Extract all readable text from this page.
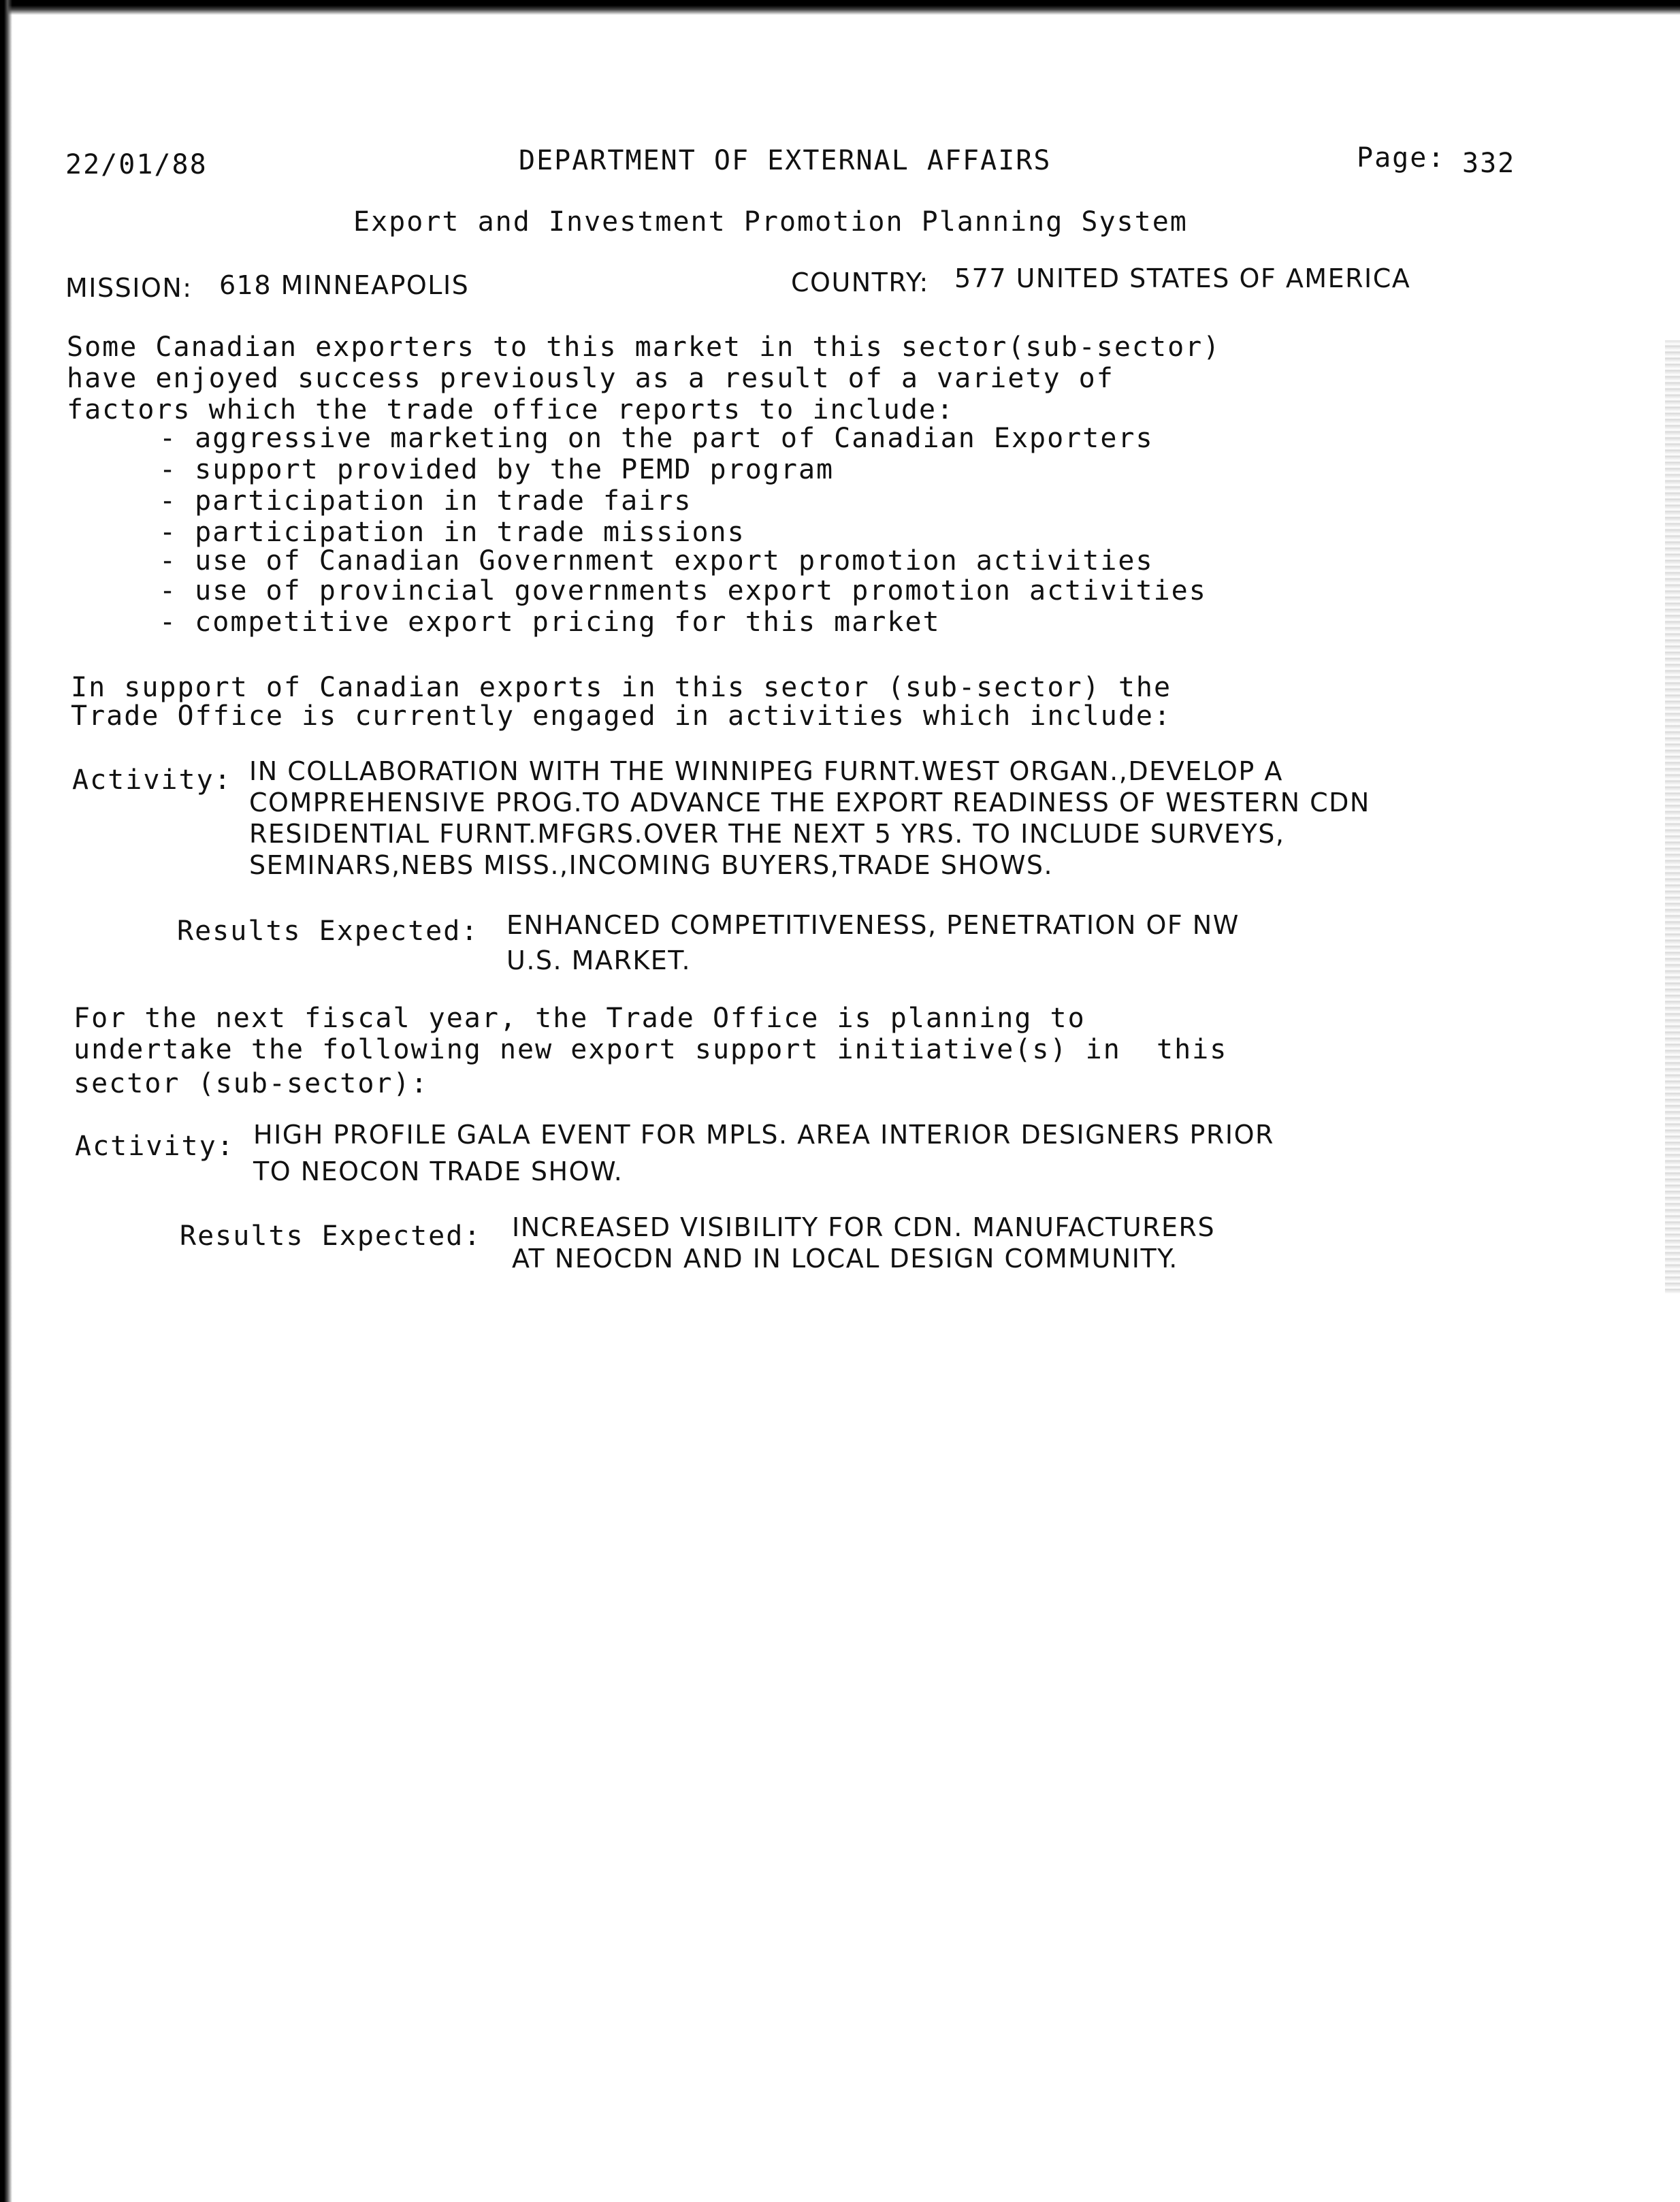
22/01/88	DEPARTMENT OF EXTERNAL AFFAIRS	Page: 332
Export and Investment Promotion Planning System
MISSION: 618 MINNEAPOLIS	COUNTRY: 577 UNITED STATES OF AMERICA
Some Canadian exporters to this market in this sector(sub-sector)
have enjoyed success previously as a result of a variety of
factors which the trade office reports to include:
- aggressive marketing on the part of Canadian Exporters
- support provided by the PEMD program
- participation in trade fairs
- participation in trade missions
- use of Canadian Government export promotion activities
- use of provincial governments export promotion activities
- competitive export pricing for this market
In support of Canadian exports in this sector (sub-sector) the
Trade Office is currently engaged in activities which include:
Activity: IN COLLABORATION WITH THE WINNIPEG FURNT.WEST ORGAN.,DEVELOP A
COMPREHENSIVE PROG.TO ADVANCE THE EXPORT READINESS OF WESTERN CDN
RESIDENTIAL FURNT.MFGRS.OVER THE NEXT 5 YRS. TO INCLUDE SURVEYS,
SEMINARS,NEBS MISS.,INCOMING BUYERS,TRADE SHOWS.
Results Expected: ENHANCED COMPETITIVENESS, PENETRATION OF NW
U.S. MARKET.
For the next fiscal year, the Trade Office is planning to
undertake the following new export support initiative(s) in  this
sector (sub-sector):
Activity: HIGH PROFILE GALA EVENT FOR MPLS. AREA INTERIOR DESIGNERS PRIOR
TO NEOCON TRADE SHOW.
Results Expected: INCREASED VISIBILITY FOR CDN. MANUFACTURERS
AT NEOCDN AND IN LOCAL DESIGN COMMUNITY.
